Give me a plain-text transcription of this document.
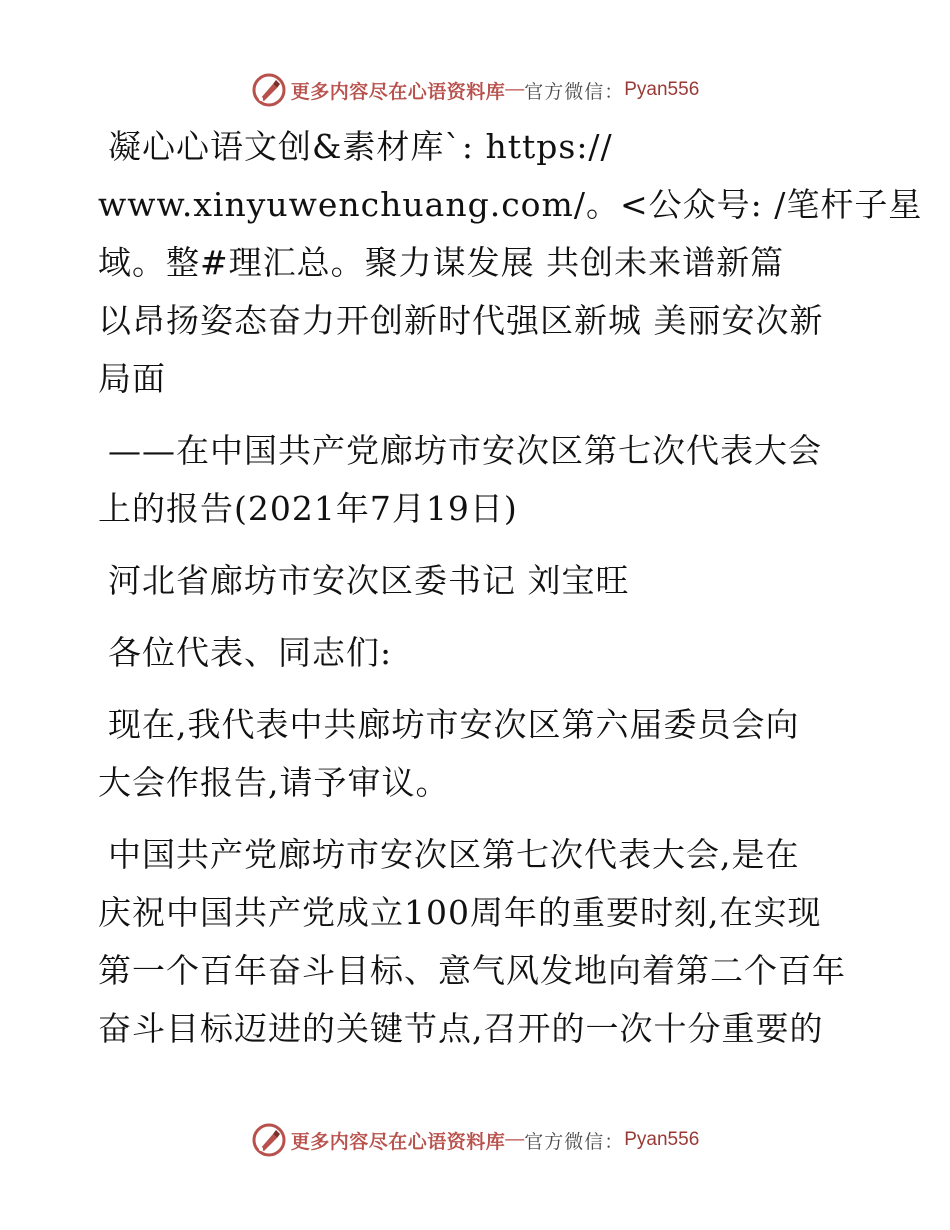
更多内容尽在心语资料库 — 官方微信： Pyan556

凝心心语文创&素材库`: https://

www.xinyuwenchuang.com/。<公众号: /笔杆子星

域。整#理汇总。聚力谋发展 共创未来谱新篇

以昂扬姿态奋力开创新时代强区新城 美丽安次新

局面

——在中国共产党廊坊市安次区第七次代表大会

上的报告(2021年7月19日)

河北省廊坊市安次区委书记 刘宝旺

各位代表、同志们:

现在,我代表中共廊坊市安次区第六届委员会向

大会作报告,请予审议。

中国共产党廊坊市安次区第七次代表大会,是在

庆祝中国共产党成立100周年的重要时刻,在实现

第一个百年奋斗目标、意气风发地向着第二个百年

奋斗目标迈进的关键节点,召开的一次十分重要的

更多内容尽在心语资料库 — 官方微信： Pyan556
